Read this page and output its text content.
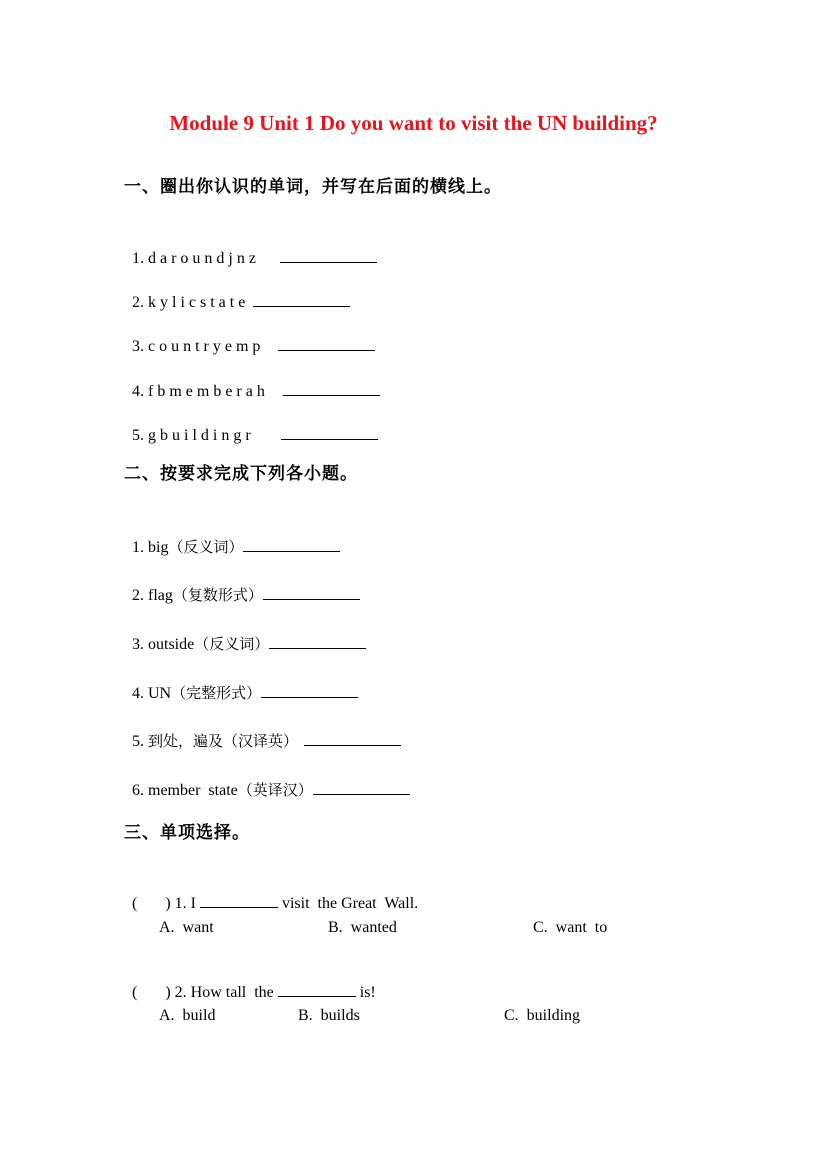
Module 9 Unit 1 Do you want to visit the UN building?
一、圈出你认识的单词，并写在后面的横线上。

1. d a r o u n d j n z

2. k y l i c s t a t e

3. c o u n t r y e m p

4. f b m e m b e r a h

5. g b u i l d i n g r

二、按要求完成下列各小题。

1. big（反义词）

2. flag（复数形式）

3. outside（反义词）

4. UN（完整形式）

5. 到处，遍及（汉译英）

6. member  state（英译汉）

三、单项选择。

( ) 1. I	visit  the Great  Wall.

A.  want	B.  wanted	C.  want  to

( ) 2. How tall  the	is!

A.  build	B.  builds	C.  building
